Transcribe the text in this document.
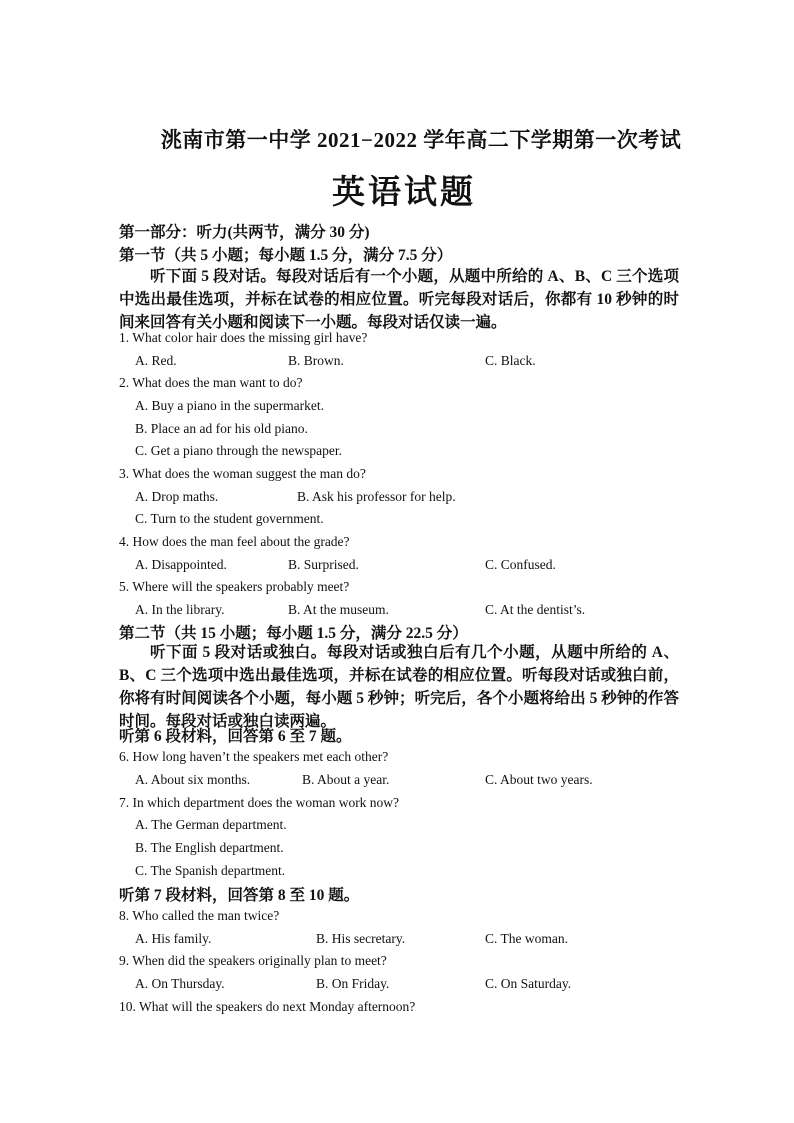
洮南市第一中学 2021−2022 学年高二下学期第一次考试
英语试题
第一部分：听力(共两节，满分 30 分)
第一节（共 5 小题；每小题 1.5 分，满分 7.5 分）
听下面 5 段对话。每段对话后有一个小题，从题中所给的 A、B、C 三个选项中选出最佳选项，并标在试卷的相应位置。听完每段对话后，你都有 10 秒钟的时间来回答有关小题和阅读下一小题。每段对话仅读一遍。
1. What color hair does the missing girl have?
A. Red.	B. Brown.	C. Black.
2. What does the man want to do?
A. Buy a piano in the supermarket.
B. Place an ad for his old piano.
C. Get a piano through the newspaper.
3. What does the woman suggest the man do?
A. Drop maths.	B. Ask his professor for help.
C. Turn to the student government.
4. How does the man feel about the grade?
A. Disappointed.	B. Surprised.	C. Confused.
5. Where will the speakers probably meet?
A. In the library.	B. At the museum.	C. At the dentist’s.
第二节（共 15 小题；每小题 1.5 分，满分 22.5 分）
听下面 5 段对话或独白。每段对话或独白后有几个小题，从题中所给的 A、B、C 三个选项中选出最佳选项，并标在试卷的相应位置。听每段对话或独白前，你将有时间阅读各个小题，每小题 5 秒钟；听完后，各个小题将给出 5 秒钟的作答时间。每段对话或独白读两遍。
听第 6 段材料，回答第 6 至 7 题。
6. How long haven’t the speakers met each other?
A. About six months.	B. About a year.	C. About two years.
7. In which department does the woman work now?
A. The German department.
B. The English department.
C. The Spanish department.
听第 7 段材料，回答第 8 至 10 题。
8. Who called the man twice?
A. His family.	B. His secretary.	C. The woman.
9. When did the speakers originally plan to meet?
A. On Thursday.	B. On Friday.	C. On Saturday.
10. What will the speakers do next Monday afternoon?
